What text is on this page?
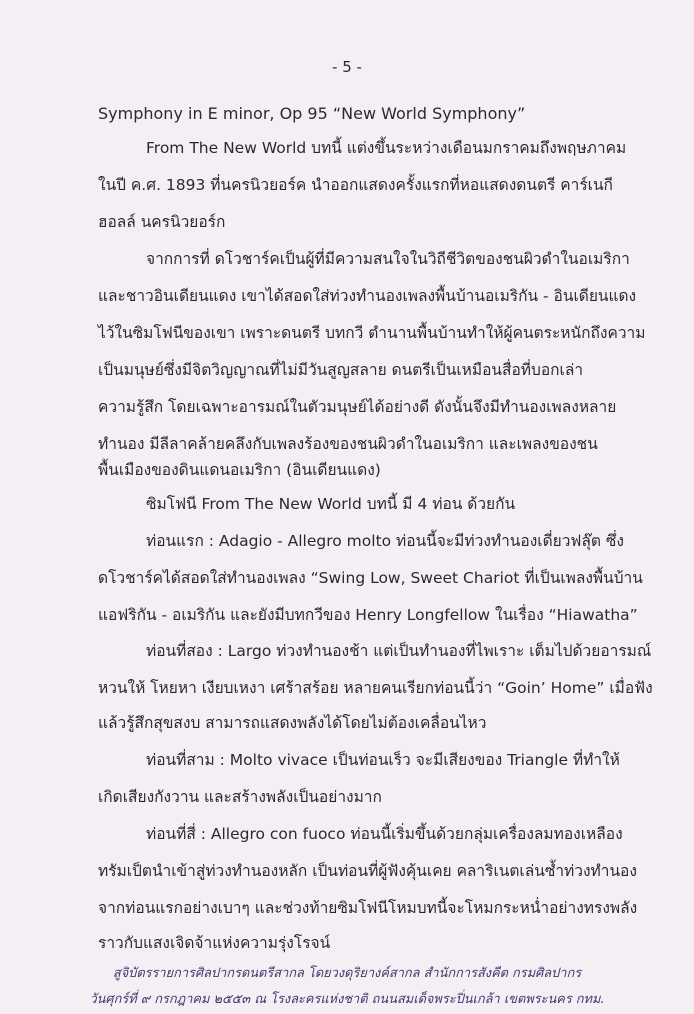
- 5 -
Symphony in E minor, Op 95 “New World Symphony”
From The New World บทนี้ แต่งขึ้นระหว่างเดือนมกราคมถึงพฤษภาคม
ในปี ค.ศ. 1893 ที่นครนิวยอร์ค นำออกแสดงครั้งแรกที่หอแสดงดนตรี คาร์เนกี
ฮอลล์ นครนิวยอร์ก
จากการที่ ดโวชาร์คเป็นผู้ที่มีความสนใจในวิถีชีวิตของชนผิวดำในอเมริกา
และชาวอินเดียนแดง เขาได้สอดใส่ท่วงทำนองเพลงพื้นบ้านอเมริกัน - อินเดียนแดง
ไว้ในซิมโฟนีของเขา เพราะดนตรี บทกวี ตำนานพื้นบ้านทำให้ผู้คนตระหนักถึงความ
เป็นมนุษย์ซึ่งมีจิตวิญญาณที่ไม่มีวันสูญสลาย ดนตรีเป็นเหมือนสื่อที่บอกเล่า
ความรู้สึก โดยเฉพาะอารมณ์ในตัวมนุษย์ได้อย่างดี ดังนั้นจึงมีทำนองเพลงหลาย
ทำนอง มีลีลาคล้ายคลึงกับเพลงร้องของชนผิวดำในอเมริกา และเพลงของชน
พื้นเมืองของดินแดนอเมริกา (อินเดียนแดง)
ซิมโฟนี From The New World บทนี้ มี 4 ท่อน ด้วยกัน
ท่อนแรก : Adagio - Allegro molto ท่อนนี้จะมีท่วงทำนองเดี่ยวฟลุ๊ต ซึ่ง
ดโวชาร์คได้สอดใส่ทำนองเพลง “Swing Low, Sweet Chariot ที่เป็นเพลงพื้นบ้าน
แอฟริกัน - อเมริกัน และยังมีบทกวีของ Henry Longfellow ในเรื่อง “Hiawatha”
ท่อนที่สอง : Largo ท่วงทำนองช้า แต่เป็นทำนองที่ไพเราะ เต็มไปด้วยอารมณ์
หวนให้ โหยหา เงียบเหงา เศร้าสร้อย หลายคนเรียกท่อนนี้ว่า “Goin’ Home” เมื่อฟัง
แล้วรู้สึกสุขสงบ สามารถแสดงพลังได้โดยไม่ต้องเคลื่อนไหว
ท่อนที่สาม : Molto vivace เป็นท่อนเร็ว จะมีเสียงของ Triangle ที่ทำให้
เกิดเสียงกังวาน และสร้างพลังเป็นอย่างมาก
ท่อนที่สี่ : Allegro con fuoco ท่อนนี้เริ่มขึ้นด้วยกลุ่มเครื่องลมทองเหลือง
ทรัมเป็ตนำเข้าสู่ท่วงทำนองหลัก เป็นท่อนที่ผู้ฟังคุ้นเคย คลาริเนตเล่นซ้ำท่วงทำนอง
จากท่อนแรกอย่างเบาๆ และช่วงท้ายซิมโฟนีโหมบทนี้จะโหมกระหน่ำอย่างทรงพลัง
ราวกับแสงเจิดจ้าแห่งความรุ่งโรจน์
สูจิบัตรรายการศิลปากรดนตรีสากล โดยวงดุริยางค์สากล สำนักการสังคีต กรมศิลปากร
วันศุกร์ที่ ๙ กรกฎาคม ๒๕๕๓ ณ โรงละครแห่งชาติ ถนนสมเด็จพระปิ่นเกล้า เขตพระนคร กทม.
